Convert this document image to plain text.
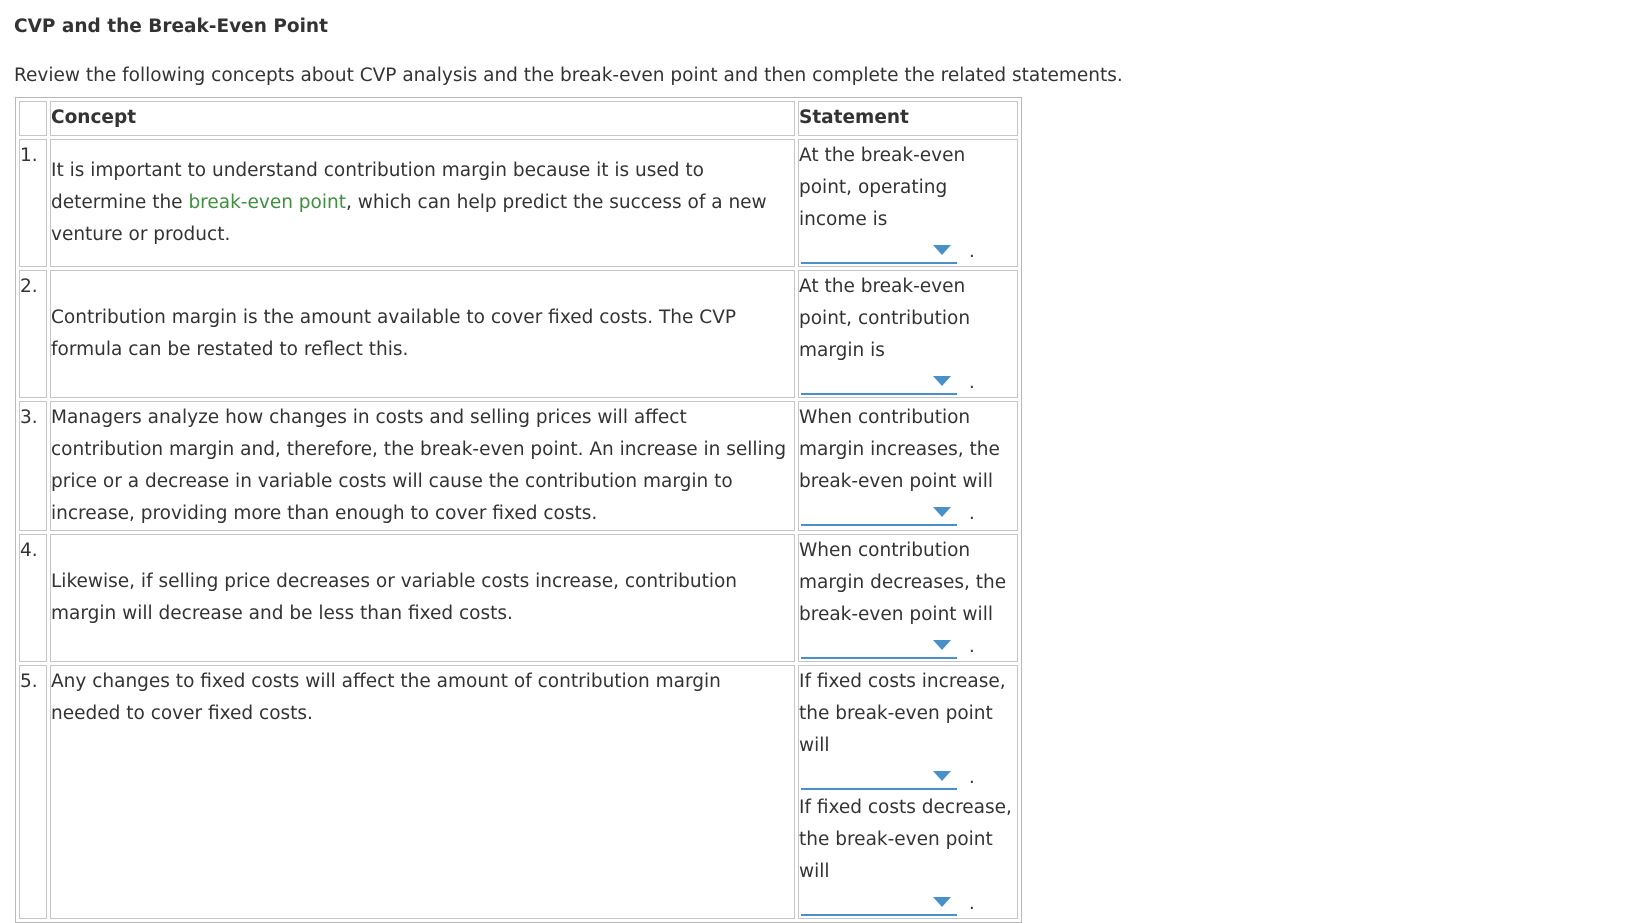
CVP and the Break-Even Point

Review the following concepts about CVP analysis and the break-even point and then complete the related statements.

	Concept	Statement
1.	It is important to understand contribution margin because it is used to determine the break-even point, which can help predict the success of a new venture or product.	At the break-even point, operating income is
.

2.	Contribution margin is the amount available to cover fixed costs. The CVP formula can be restated to reflect this.	At the break-even point, contribution margin is
.

3.	Managers analyze how changes in costs and selling prices will affect contribution margin and, therefore, the break-even point. An increase in selling price or a decrease in variable costs will cause the contribution margin to increase, providing more than enough to cover fixed costs.	When contribution margin increases, the break-even point will
.

4.	Likewise, if selling price decreases or variable costs increase, contribution margin will decrease and be less than fixed costs.	When contribution margin decreases, the break-even point will
.

5.	Any changes to fixed costs will affect the amount of contribution margin needed to cover fixed costs.	If fixed costs increase, the break-even point will
.
If fixed costs decrease, the break-even point will
.
